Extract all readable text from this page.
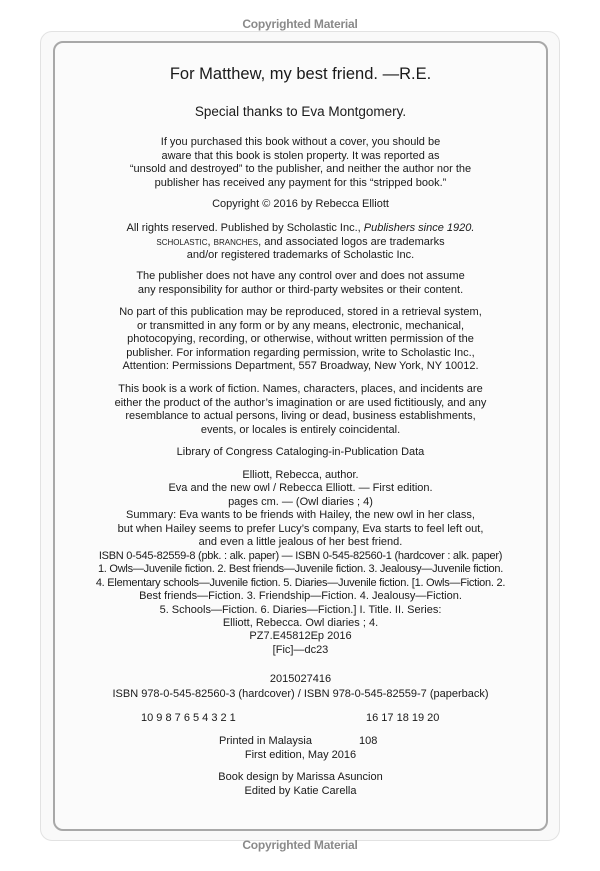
Copyrighted Material
For Matthew, my best friend. —R.E.
Special thanks to Eva Montgomery.
If you purchased this book without a cover, you should be
aware that this book is stolen property. It was reported as
“unsold and destroyed” to the publisher, and neither the author nor the
publisher has received any payment for this “stripped book.”
Copyright © 2016 by Rebecca Elliott
All rights reserved. Published by Scholastic Inc., Publishers since 1920.
scholastic, branches, and associated logos are trademarks
and/or registered trademarks of Scholastic Inc.
The publisher does not have any control over and does not assume
any responsibility for author or third-party websites or their content.
No part of this publication may be reproduced, stored in a retrieval system,
or transmitted in any form or by any means, electronic, mechanical,
photocopying, recording, or otherwise, without written permission of the
publisher. For information regarding permission, write to Scholastic Inc.,
Attention: Permissions Department, 557 Broadway, New York, NY 10012.
This book is a work of fiction. Names, characters, places, and incidents are
either the product of the author’s imagination or are used fictitiously, and any
resemblance to actual persons, living or dead, business establishments,
events, or locales is entirely coincidental.
Library of Congress Cataloging-in-Publication Data
Elliott, Rebecca, author.
Eva and the new owl / Rebecca Elliott. — First edition.
pages cm. — (Owl diaries ; 4)
Summary: Eva wants to be friends with Hailey, the new owl in her class,
but when Hailey seems to prefer Lucy’s company, Eva starts to feel left out,
and even a little jealous of her best friend.
ISBN 0-545-82559-8 (pbk. : alk. paper) — ISBN 0-545-82560-1 (hardcover : alk. paper)
1. Owls—Juvenile fiction. 2. Best friends—Juvenile fiction. 3. Jealousy—Juvenile fiction.
4. Elementary schools—Juvenile fiction. 5. Diaries—Juvenile fiction. [1. Owls—Fiction. 2.
Best friends—Fiction. 3. Friendship—Fiction. 4. Jealousy—Fiction.
5. Schools—Fiction. 6. Diaries—Fiction.] I. Title. II. Series:
Elliott, Rebecca. Owl diaries ; 4.
PZ7.E45812Ep 2016
[Fic]—dc23
2015027416
ISBN 978-0-545-82560-3 (hardcover) / ISBN 978-0-545-82559-7 (paperback)
10 9 8 7 6 5 4 3 2 1	16 17 18 19 20
Printed in Malaysia	108
First edition, May 2016
Book design by Marissa Asuncion
Edited by Katie Carella
Copyrighted Material
